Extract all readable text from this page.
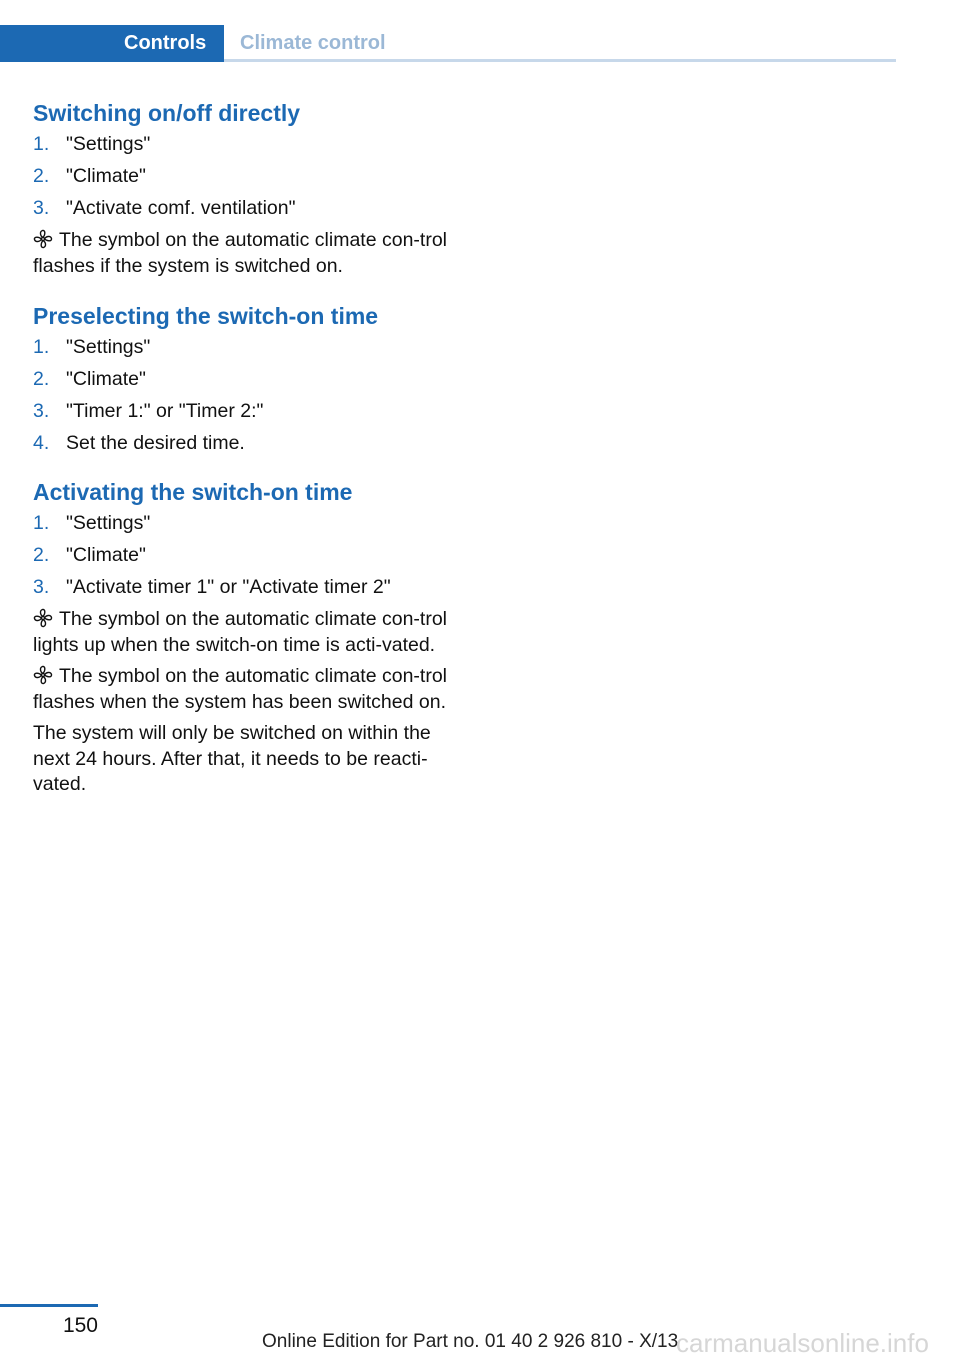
Controls	Climate control
Switching on/off directly
1. "Settings"
2. "Climate"
3. "Activate comf. ventilation"

The symbol on the automatic climate con-trol flashes if the system is switched on.

Preselecting the switch-on time
1. "Settings"
2. "Climate"
3. "Timer 1:" or "Timer 2:"
4. Set the desired time.
Activating the switch-on time
1. "Settings"
2. "Climate"
3. "Activate timer 1" or "Activate timer 2"

The symbol on the automatic climate con-trol lights up when the switch-on time is acti-vated.

The symbol on the automatic climate con-trol flashes when the system has been switched on.

The system will only be switched on within the next 24 hours. After that, it needs to be reacti-vated.

150
Online Edition for Part no. 01 40 2 926 810 - X/13
carmanualsonline.info
